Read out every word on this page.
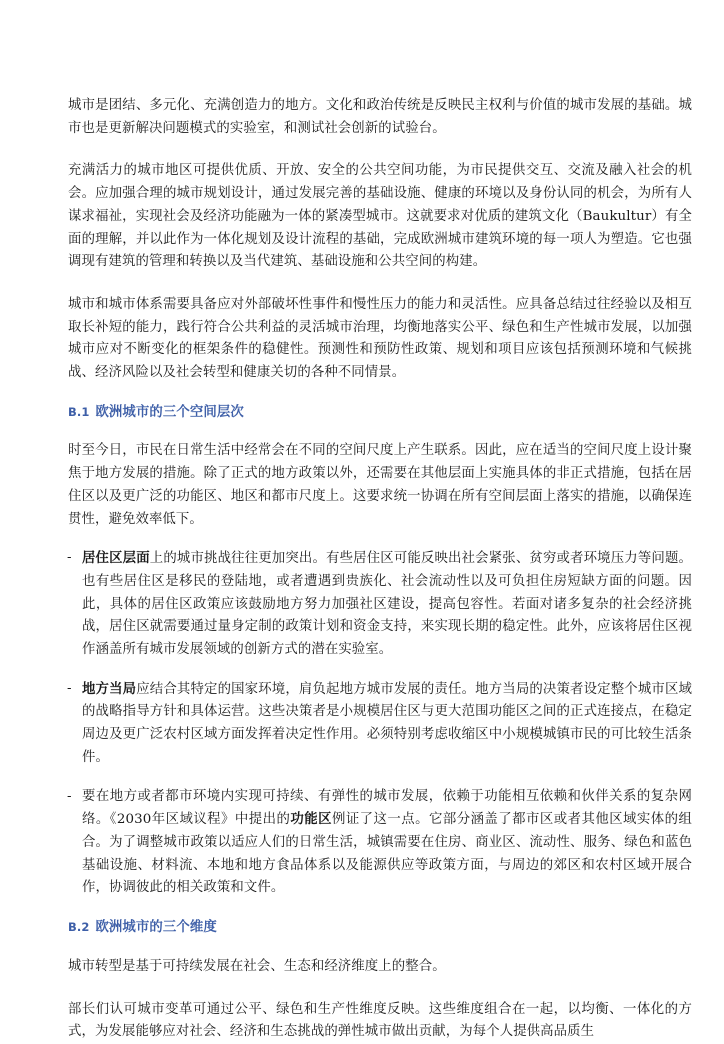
城市是团结、多元化、充满创造力的地方。文化和政治传统是反映民主权利与价值的城市发展的基础。城市也是更新解决问题模式的实验室，和测试社会创新的试验台。

充满活力的城市地区可提供优质、开放、安全的公共空间功能，为市民提供交互、交流及融入社会的机会。应加强合理的城市规划设计，通过发展完善的基础设施、健康的环境以及身份认同的机会，为所有人谋求福祉，实现社会及经济功能融为一体的紧凑型城市。这就要求对优质的建筑文化（Baukultur）有全面的理解，并以此作为一体化规划及设计流程的基础，完成欧洲城市建筑环境的每一项人为塑造。它也强调现有建筑的管理和转换以及当代建筑、基础设施和公共空间的构建。

城市和城市体系需要具备应对外部破坏性事件和慢性压力的能力和灵活性。应具备总结过往经验以及相互取长补短的能力，践行符合公共利益的灵活城市治理，均衡地落实公平、绿色和生产性城市发展，以加强城市应对不断变化的框架条件的稳健性。预测性和预防性政策、规划和项目应该包括预测环境和气候挑战、经济风险以及社会转型和健康关切的各种不同情景。

B.1 欧洲城市的三个空间层次

时至今日，市民在日常生活中经常会在不同的空间尺度上产生联系。因此，应在适当的空间尺度上设计聚焦于地方发展的措施。除了正式的地方政策以外，还需要在其他层面上实施具体的非正式措施，包括在居住区以及更广泛的功能区、地区和都市尺度上。这要求统一协调在所有空间层面上落实的措施，以确保连贯性，避免效率低下。

- 居住区层面上的城市挑战往往更加突出。有些居住区可能反映出社会紧张、贫穷或者环境压力等问题。也有些居住区是移民的登陆地，或者遭遇到贵族化、社会流动性以及可负担住房短缺方面的问题。因此，具体的居住区政策应该鼓励地方努力加强社区建设，提高包容性。若面对诸多复杂的社会经济挑战，居住区就需要通过量身定制的政策计划和资金支持，来实现长期的稳定性。此外，应该将居住区视作涵盖所有城市发展领域的创新方式的潜在实验室。

- 地方当局应结合其特定的国家环境，肩负起地方城市发展的责任。地方当局的决策者设定整个城市区域的战略指导方针和具体运营。这些决策者是小规模居住区与更大范围功能区之间的正式连接点，在稳定周边及更广泛农村区域方面发挥着决定性作用。必须特别考虑收缩区中小规模城镇市民的可比较生活条件。

- 要在地方或者都市环境内实现可持续、有弹性的城市发展，依赖于功能相互依赖和伙伴关系的复杂网络。《2030年区域议程》中提出的功能区例证了这一点。它部分涵盖了都市区或者其他区域实体的组合。为了调整城市政策以适应人们的日常生活，城镇需要在住房、商业区、流动性、服务、绿色和蓝色基础设施、材料流、本地和地方食品体系以及能源供应等政策方面，与周边的郊区和农村区域开展合作，协调彼此的相关政策和文件。

B.2 欧洲城市的三个维度

城市转型是基于可持续发展在社会、生态和经济维度上的整合。

部长们认可城市变革可通过公平、绿色和生产性维度反映。这些维度组合在一起，以均衡、一体化的方式，为发展能够应对社会、经济和生态挑战的弹性城市做出贡献，为每个人提供高品质生
